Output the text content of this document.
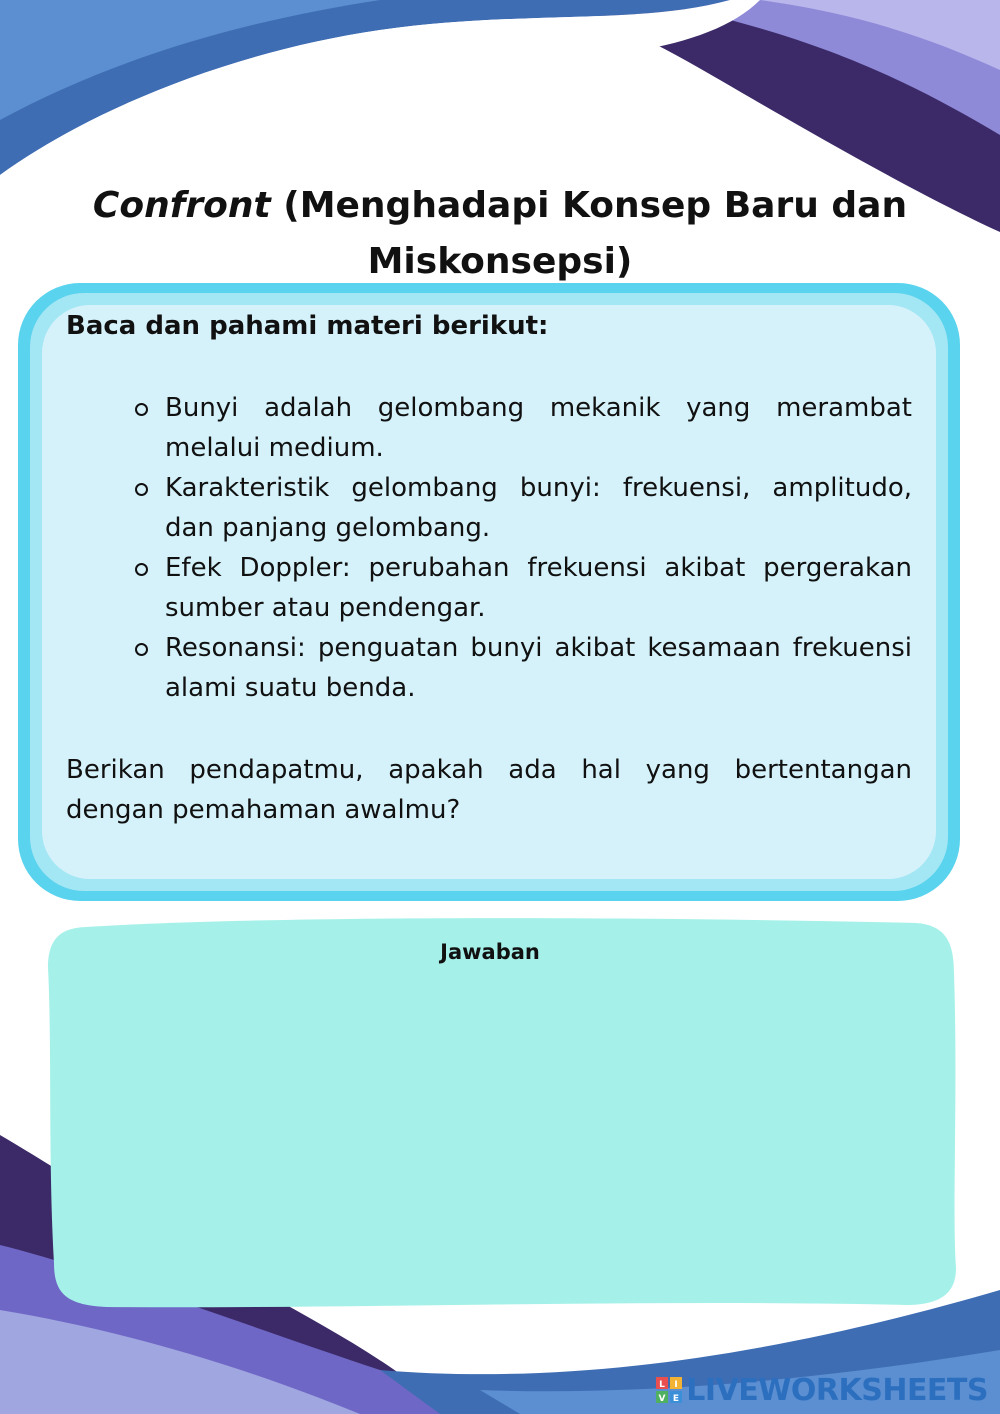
Confront (Menghadapi Konsep Baru dan Miskonsepsi)

Baca dan pahami materi berikut:

Bunyi adalah gelombang mekanik yang merambat melalui medium.
Karakteristik gelombang bunyi: frekuensi, amplitudo, dan panjang gelombang.
Efek Doppler: perubahan frekuensi akibat pergerakan sumber atau pendengar.
Resonansi: penguatan bunyi akibat kesamaan frekuensi alami suatu benda.

Berikan pendapatmu, apakah ada hal yang bertentangan dengan pemahaman awalmu?

Jawaban
L I
V E LIVEWORKSHEETS
